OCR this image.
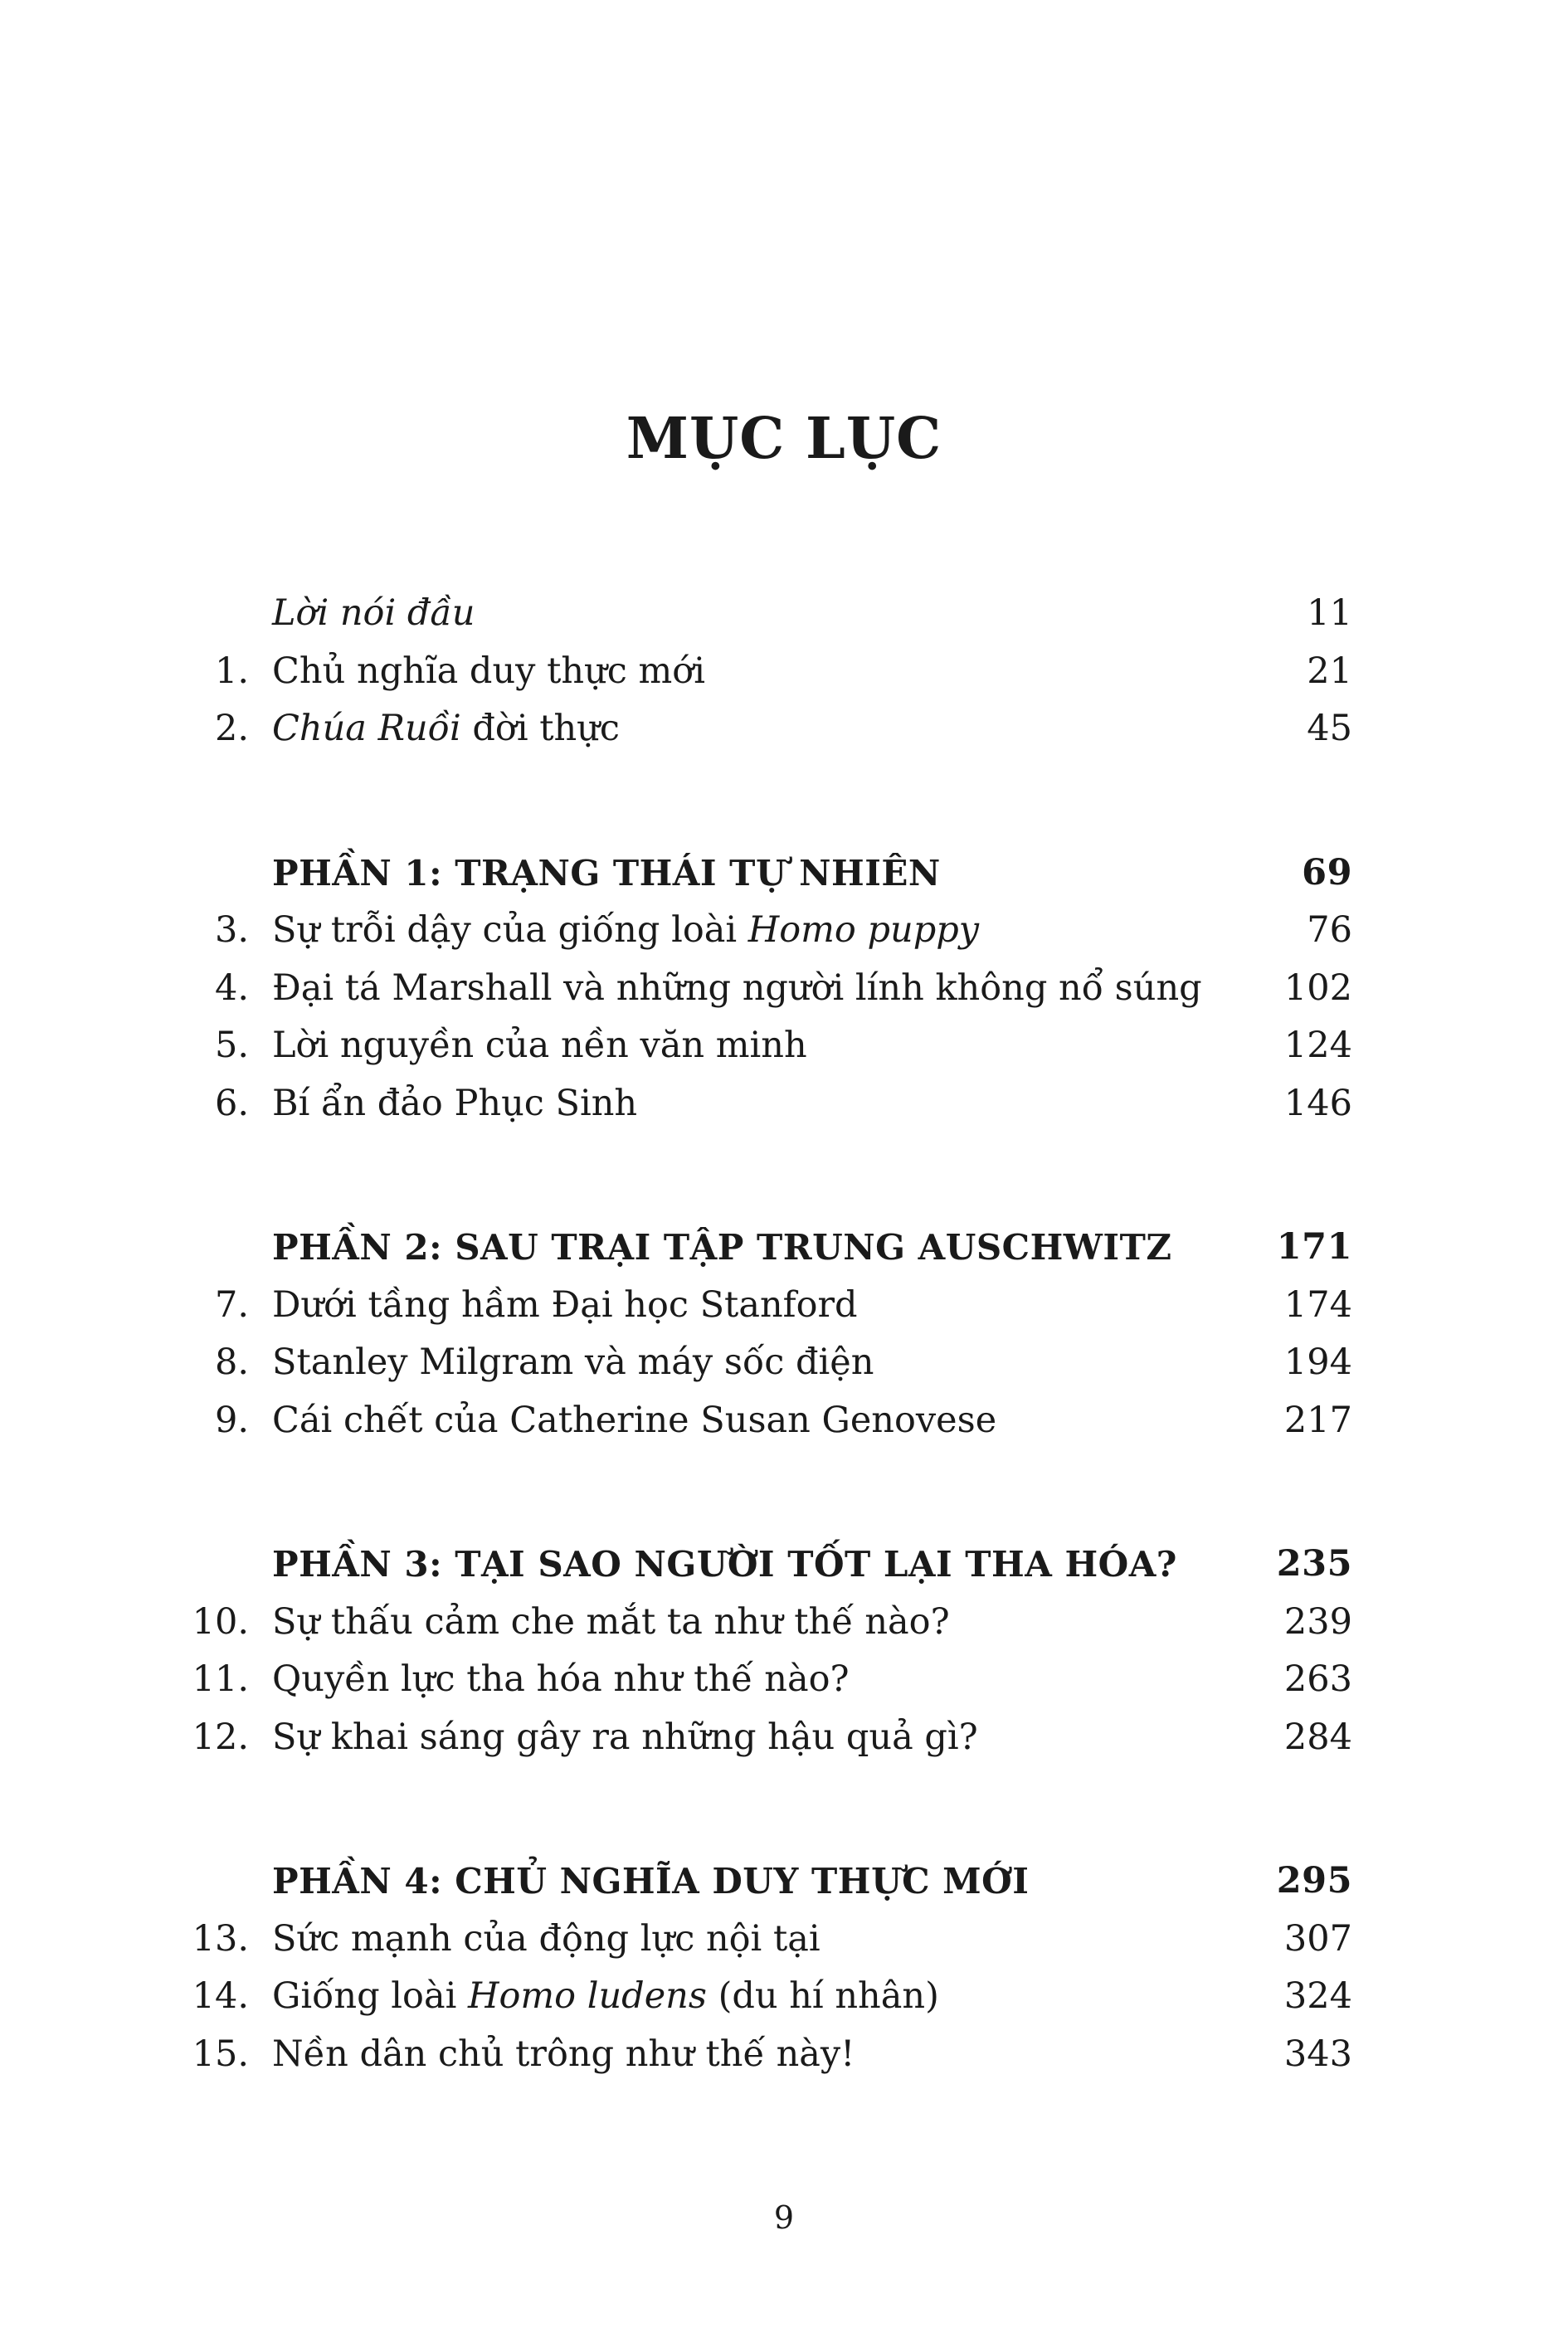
MỤC LỤC
Lời nói đầu	11
1. Chủ nghĩa duy thực mới	21
2. Chúa Ruồi đời thực	45
PHẦN 1: TRẠNG THÁI TỰ NHIÊN	69
3. Sự trỗi dậy của giống loài Homo puppy	76
4. Đại tá Marshall và những người lính không nổ súng 102
5. Lời nguyền của nền văn minh	124
6. Bí ẩn đảo Phục Sinh	146
PHẦN 2: SAU TRẠI TẬP TRUNG AUSCHWITZ	171
7. Dưới tầng hầm Đại học Stanford	174
8. Stanley Milgram và máy sốc điện	194
9. Cái chết của Catherine Susan Genovese	217
PHẦN 3: TẠI SAO NGƯỜI TỐT LẠI THA HÓA?	235
10. Sự thấu cảm che mắt ta như thế nào?	239
11. Quyền lực tha hóa như thế nào?	263
12. Sự khai sáng gây ra những hậu quả gì?	284
PHẦN 4: CHỦ NGHĨA DUY THỰC MỚI	295
13. Sức mạnh của động lực nội tại	307
14. Giống loài Homo ludens (du hí nhân)	324
15. Nền dân chủ trông như thế này!	343
9
